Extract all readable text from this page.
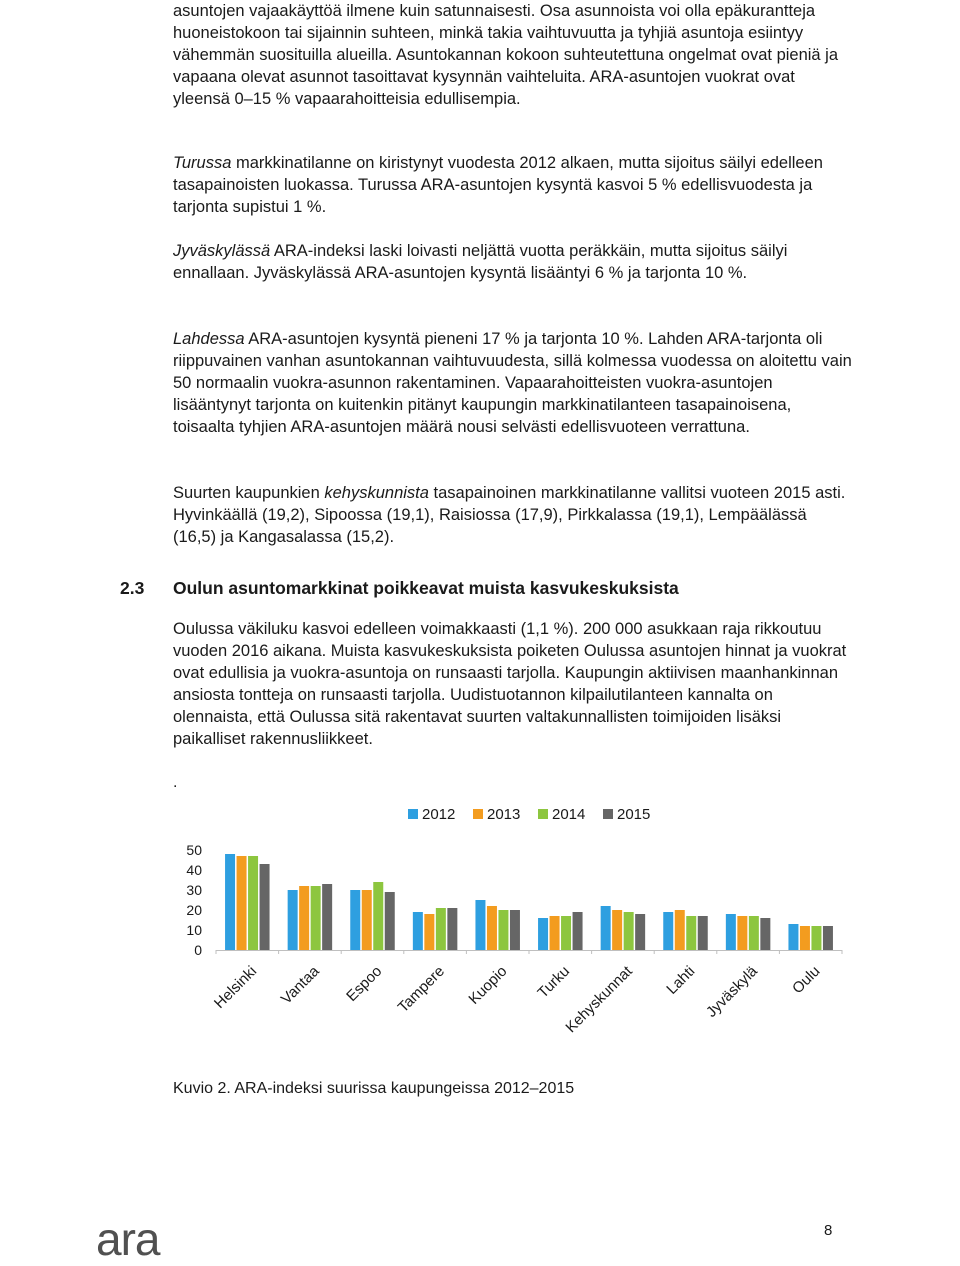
asuntojen vajaakäyttöä ilmene kuin satunnaisesti. Osa asunnoista voi olla epäkurantteja huoneistokoon tai sijainnin suhteen, minkä takia vaihtuvuutta ja tyhjiä asuntoja esiintyy vähemmän suosituilla alueilla. Asuntokannan kokoon suhteutettuna ongelmat ovat pieniä ja vapaana olevat asunnot tasoittavat kysynnän vaihteluita. ARA-asuntojen vuokrat ovat yleensä 0–15 % vapaarahoitteisia edullisempia.

Turussa markkinatilanne on kiristynyt vuodesta 2012 alkaen, mutta sijoitus säilyi edelleen tasapainoisten luokassa. Turussa ARA-asuntojen kysyntä kasvoi 5 % edellisvuodesta ja tarjonta supistui 1 %.

Jyväskylässä ARA-indeksi laski loivasti neljättä vuotta peräkkäin, mutta sijoitus säilyi ennallaan. Jyväskylässä ARA-asuntojen kysyntä lisääntyi 6 % ja tarjonta 10 %.

Lahdessa ARA-asuntojen kysyntä pieneni 17 % ja tarjonta 10 %. Lahden ARA-tarjonta oli riippuvainen vanhan asuntokannan vaihtuvuudesta, sillä kolmessa vuodessa on aloitettu vain 50 normaalin vuokra-asunnon rakentaminen. Vapaarahoitteisten vuokra-asuntojen lisääntynyt tarjonta on kuitenkin pitänyt kaupungin markkinatilanteen tasapainoisena, toisaalta tyhjien ARA-asuntojen määrä nousi selvästi edellisvuoteen verrattuna.

Suurten kaupunkien kehyskunnista tasapainoinen markkinatilanne vallitsi vuoteen 2015 asti. Hyvinkäällä (19,2), Sipoossa (19,1), Raisiossa (17,9), Pirkkalassa (19,1), Lempäälässä (16,5) ja Kangasalassa (15,2).

2.3 Oulun asuntomarkkinat poikkeavat muista kasvukeskuksista

Oulussa väkiluku kasvoi edelleen voimakkaasti (1,1 %). 200 000 asukkaan raja rikkoutuu vuoden 2016 aikana. Muista kasvukeskuksista poiketen Oulussa asuntojen hinnat ja vuokrat ovat edullisia ja vuokra-asuntoja on runsaasti tarjolla. Kaupungin aktiivisen maanhankinnan ansiosta tontteja on runsaasti tarjolla. Uudistuotannon kilpailutilanteen kannalta on olennaista, että Oulussa sitä rakentavat suurten valtakunnallisten toimijoiden lisäksi paikalliset rakennusliikkeet.

.
2012 2013 2014 2015
0
10
20
30
40
50
Helsinki Vantaa Espoo Tampere Kuopio Turku
Kehyskunnat Lahti Jyväskylä Oulu
Kuvio 2. ARA-indeksi suurissa kaupungeissa 2012–2015
ara	8
